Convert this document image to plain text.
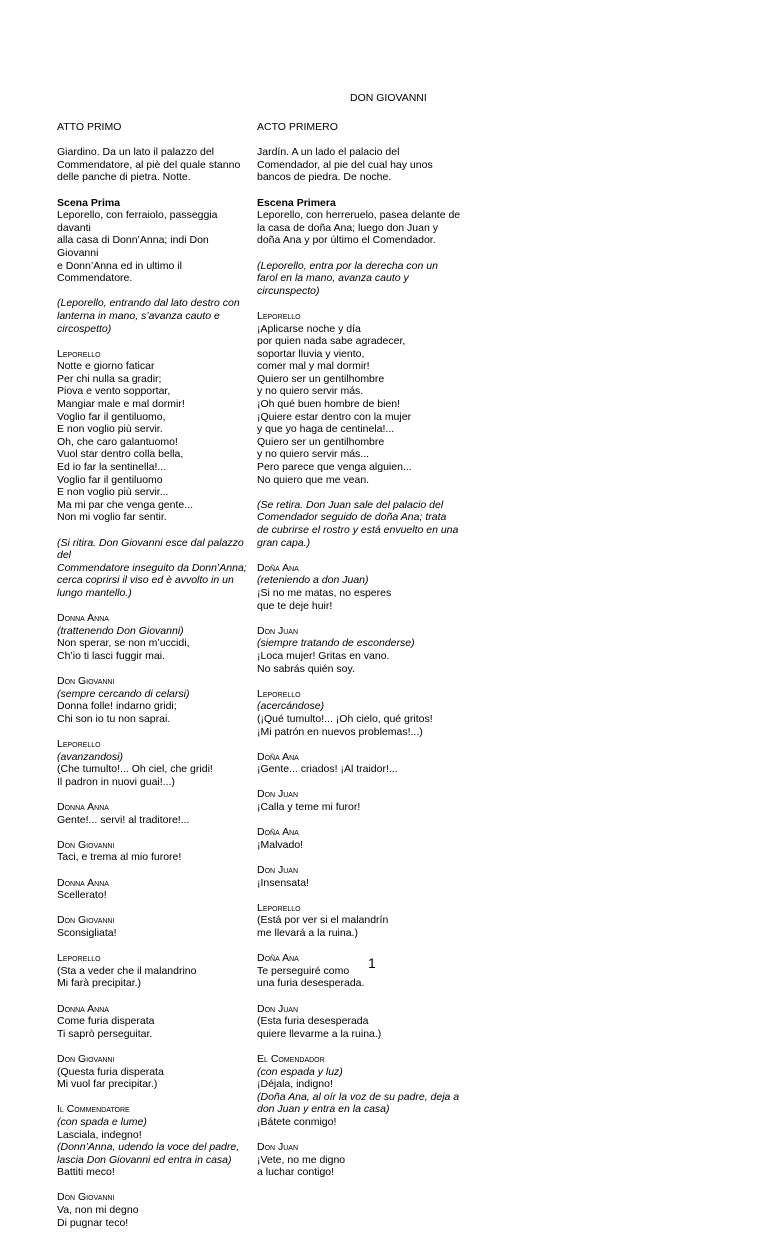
DON GIOVANNI

ATTO PRIMO

Giardino. Da un lato il palazzo del
Commendatore, al piè del quale stanno
delle panche di pietra. Notte.

Scena Prima

Leporello, con ferraiolo, passeggia davanti
alla casa di Donn’Anna; indi Don Giovanni
e Donn’Anna ed in ultimo il Commendatore.

(Leporello, entrando dal lato destro con
lanterna in mano, s’avanza cauto e
circospetto)

Leporello

Notte e giorno faticar
Per chi nulla sa gradir;
Piova e vento sopportar,
Mangiar male e mal dormir!
Voglio far il gentiluomo,
E non voglio più servir.
Oh, che caro galantuomo!
Vuol star dentro colla bella,
Ed io far la sentinella!...
Voglio far il gentiluomo
E non voglio più servir...
Ma mi par che venga gente...
Non mi voglio far sentir.

(Si ritira. Don Giovanni esce dal palazzo del
Commendatore inseguito da Donn’Anna;
cerca coprirsi il viso ed è avvolto in un
lungo mantello.)

Donna Anna

(trattenendo Don Giovanni)

Non sperar, se non m’uccidi,
Ch’io ti lasci fuggir mai.

Don Giovanni

(sempre cercando di celarsi)

Donna folle! indarno gridi;
Chi son io tu non saprai.

Leporello

(avanzandosi)

(Che tumulto!... Oh ciel, che gridi!
Il padron in nuovi guai!...)

Donna Anna

Gente!... servi! al traditore!...

Don Giovanni

Taci, e trema al mio furore!

Donna Anna

Scellerato!

Don Giovanni

Sconsigliata!

Leporello

(Sta a veder che il malandrino
Mi farà precipitar.)

Donna Anna

Come furia disperata
Ti saprò perseguitar.

Don Giovanni

(Questa furia disperata
Mi vuol far precipitar.)

Il Commendatore

(con spada e lume)

Lasciala, indegno!

(Donn’Anna, udendo la voce del padre,
lascia Don Giovanni ed entra in casa)

Battiti meco!

Don Giovanni

Va, non mi degno
Di pugnar teco!

ACTO PRIMERO

Jardín. A un lado el palacio del
Comendador, al pie del cual hay unos
bancos de piedra. De noche.

Escena Primera

Leporello, con herreruelo, pasea delante de
la casa de doña Ana; luego don Juan y
doña Ana y por último el Comendador.

(Leporello, entra por la derecha con un
farol en la mano, avanza cauto y
circunspecto)

Leporello

¡Aplicarse noche y día
por quien nada sabe agradecer,
soportar lluvia y viento,
comer mal y mal dormir!
Quiero ser un gentilhombre
y no quiero servir más.
¡Oh qué buen hombre de bien!
¡Quiere estar dentro con la mujer
y que yo haga de centinela!...
Quiero ser un gentilhombre
y no quiero servir más...
Pero parece que venga alguien...
No quiero que me vean.

(Se retira. Don Juan sale del palacio del
Comendador seguido de doña Ana; trata
de cubrirse el rostro y está envuelto en una
gran capa.)

Doña Ana

(reteniendo a don Juan)

¡Si no me matas, no esperes
que te deje huir!

Don Juan

(siempre tratando de esconderse)

¡Loca mujer! Gritas en vano.
No sabrás quién soy.

Leporello

(acercándose)

(¡Qué tumulto!... ¡Oh cielo, qué gritos!
¡Mi patrón en nuevos problemas!...)

Doña Ana

¡Gente... criados! ¡Al traidor!...

Don Juan

¡Calla y teme mi furor!

Doña Ana

¡Malvado!

Don Juan

¡Insensata!

Leporello

(Está por ver si el malandrín
me llevará a la ruina.)

Doña Ana

Te perseguiré como
una furia desesperada.

Don Juan

(Esta furia desesperada
quiere llevarme a la ruina.)

El Comendador

(con espada y luz)

¡Déjala, indigno!

(Doña Ana, al oír la voz de su padre, deja a
don Juan y entra en la casa)

¡Bátete conmigo!

Don Juan

¡Vete, no me digno
a luchar contigo!

1
